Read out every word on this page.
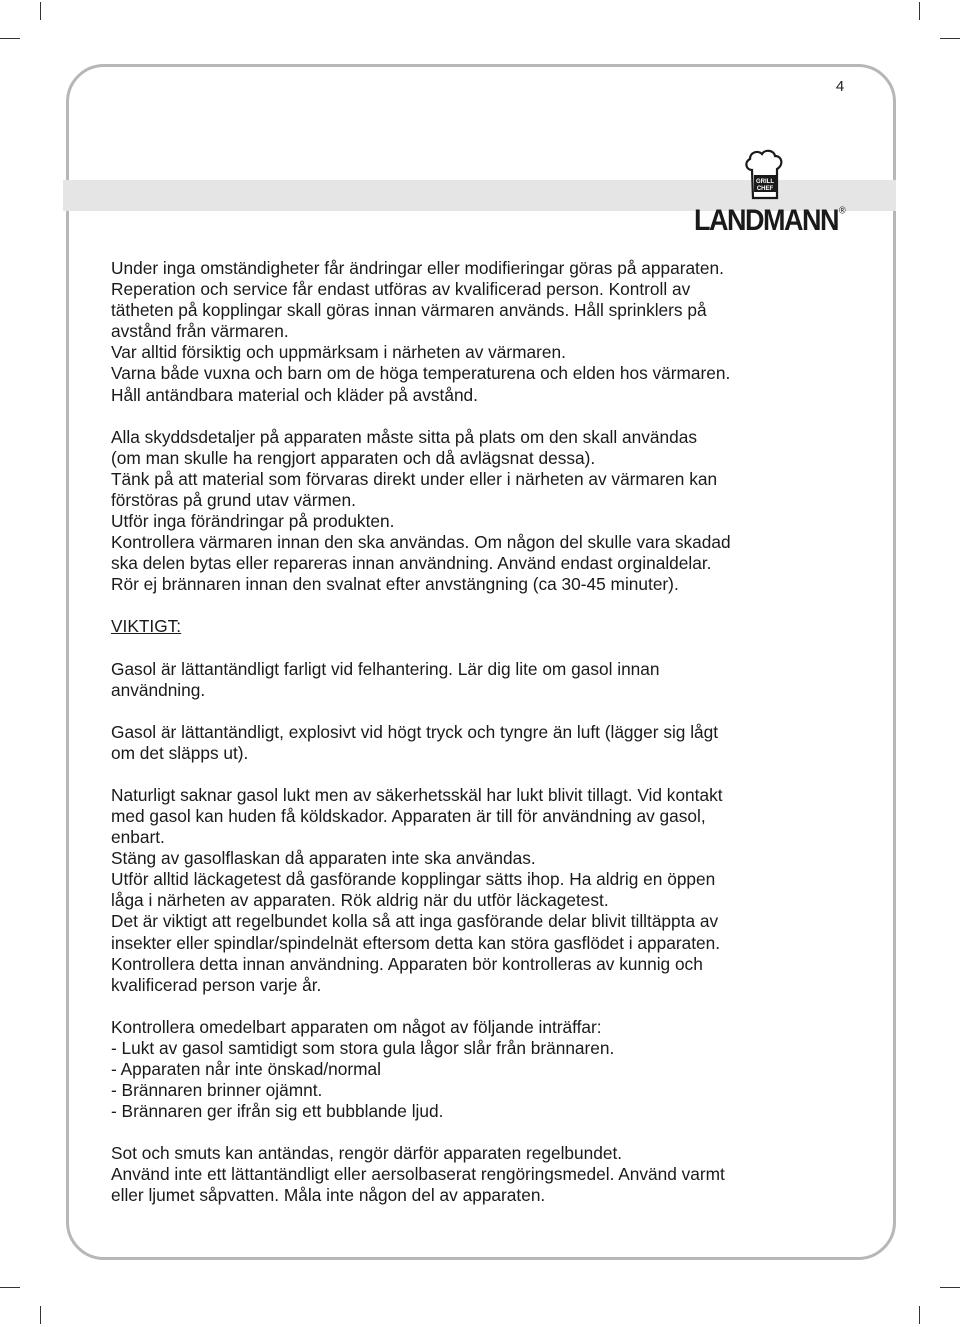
4
GRILL
CHEF
LANDMANN®

Under inga omständigheter får ändringar eller modifieringar göras på apparaten.
Reperation och service får endast utföras av kvalificerad person. Kontroll av
tätheten på kopplingar skall göras innan värmaren används. Håll sprinklers på
avstånd från värmaren.
Var alltid försiktig och uppmärksam i närheten av värmaren.
Varna både vuxna och barn om de höga temperaturena och elden hos värmaren.
Håll antändbara material och kläder på avstånd.

Alla skyddsdetaljer på apparaten måste sitta på plats om den skall användas
(om man skulle ha rengjort apparaten och då avlägsnat dessa).
Tänk på att material som förvaras direkt under eller i närheten av värmaren kan
förstöras på grund utav värmen.
Utför inga förändringar på produkten.
Kontrollera värmaren innan den ska användas. Om någon del skulle vara skadad
ska delen bytas eller repareras innan användning. Använd endast orginaldelar.
Rör ej brännaren innan den svalnat efter anvstängning (ca 30-45 minuter).

VIKTIGT:

Gasol är lättantändligt farligt vid felhantering. Lär dig lite om gasol innan
användning.

Gasol är lättantändligt, explosivt vid högt tryck och tyngre än luft (lägger sig lågt
om det släpps ut).

Naturligt saknar gasol lukt men av säkerhetsskäl har lukt blivit tillagt. Vid kontakt
med gasol kan huden få köldskador. Apparaten är till för användning av gasol,
enbart.
Stäng av gasolflaskan då apparaten inte ska användas.
Utför alltid läckagetest då gasförande kopplingar sätts ihop. Ha aldrig en öppen
låga i närheten av apparaten. Rök aldrig när du utför läckagetest.
Det är viktigt att regelbundet kolla så att inga gasförande delar blivit tilltäppta av
insekter eller spindlar/spindelnät eftersom detta kan störa gasflödet i apparaten.
Kontrollera detta innan användning. Apparaten bör kontrolleras av kunnig och
kvalificerad person varje år.

Kontrollera omedelbart apparaten om något av följande inträffar:
- Lukt av gasol samtidigt som stora gula lågor slår från brännaren.
- Apparaten når inte önskad/normal
- Brännaren brinner ojämnt.
- Brännaren ger ifrån sig ett bubblande ljud.

Sot och smuts kan antändas, rengör därför apparaten regelbundet.
Använd inte ett lättantändligt eller aersolbaserat rengöringsmedel. Använd varmt
eller ljumet såpvatten. Måla inte någon del av apparaten.
